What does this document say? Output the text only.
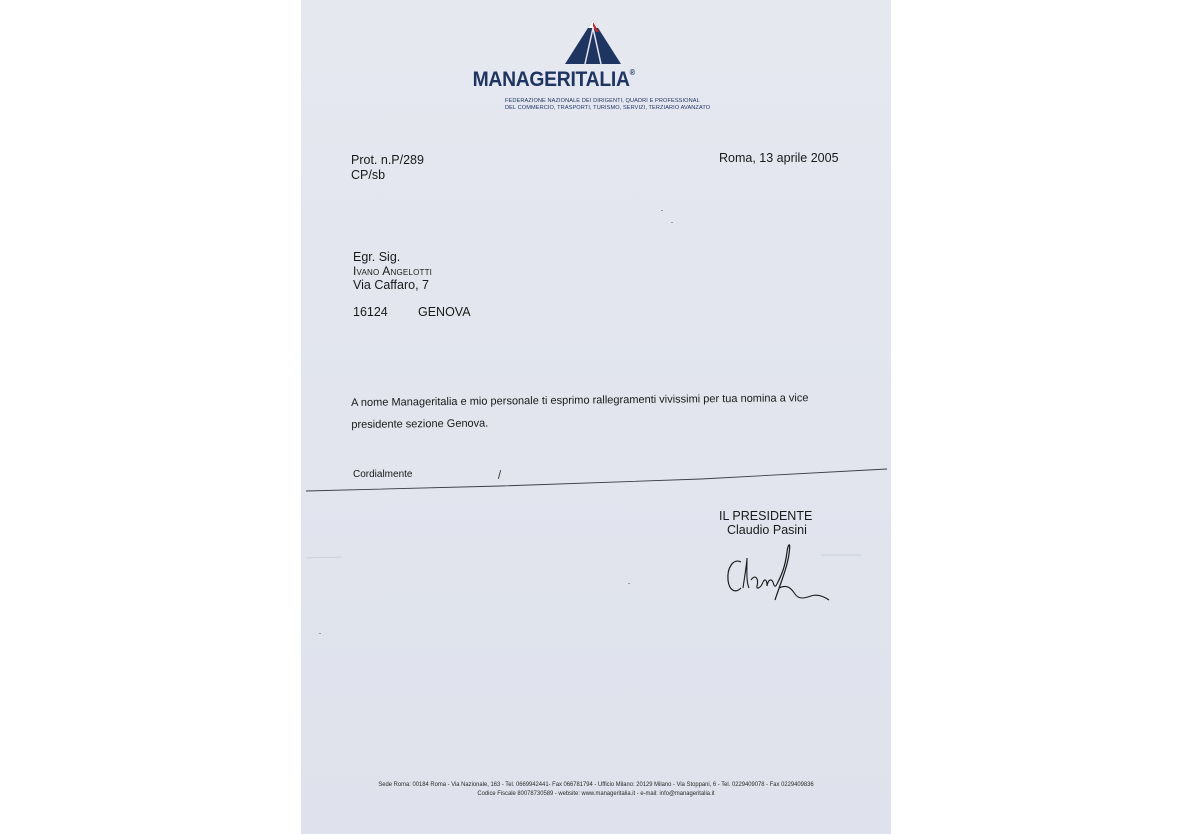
MANAGERITALIA®
FEDERAZIONE NAZIONALE DEI DIRIGENTI, QUADRI E PROFESSIONAL
DEL COMMERCIO, TRASPORTI, TURISMO, SERVIZI, TERZIARIO AVANZATO
Prot. n.P/289
CP/sb
Roma, 13 aprile 2005
Egr. Sig.
Ivano Angelotti
Via Caffaro, 7
16124 GENOVA
A nome Manageritalia e mio personale ti esprimo rallegramenti vivissimi per tua nomina a vice
presidente sezione Genova.
Cordialmente
IL PRESIDENTE
Claudio Pasini
Sede Roma: 00184 Roma - Via Nazionale, 163 - Tel. 0669942441- Fax 066781794 - Ufficio Milano: 20129 Milano - Via Stoppani, 6 - Tel. 0229409078 - Fax 0229409836
Codice Fiscale 80078730589 - website: www.manageritalia.it - e-mail: info@manageritalia.it
